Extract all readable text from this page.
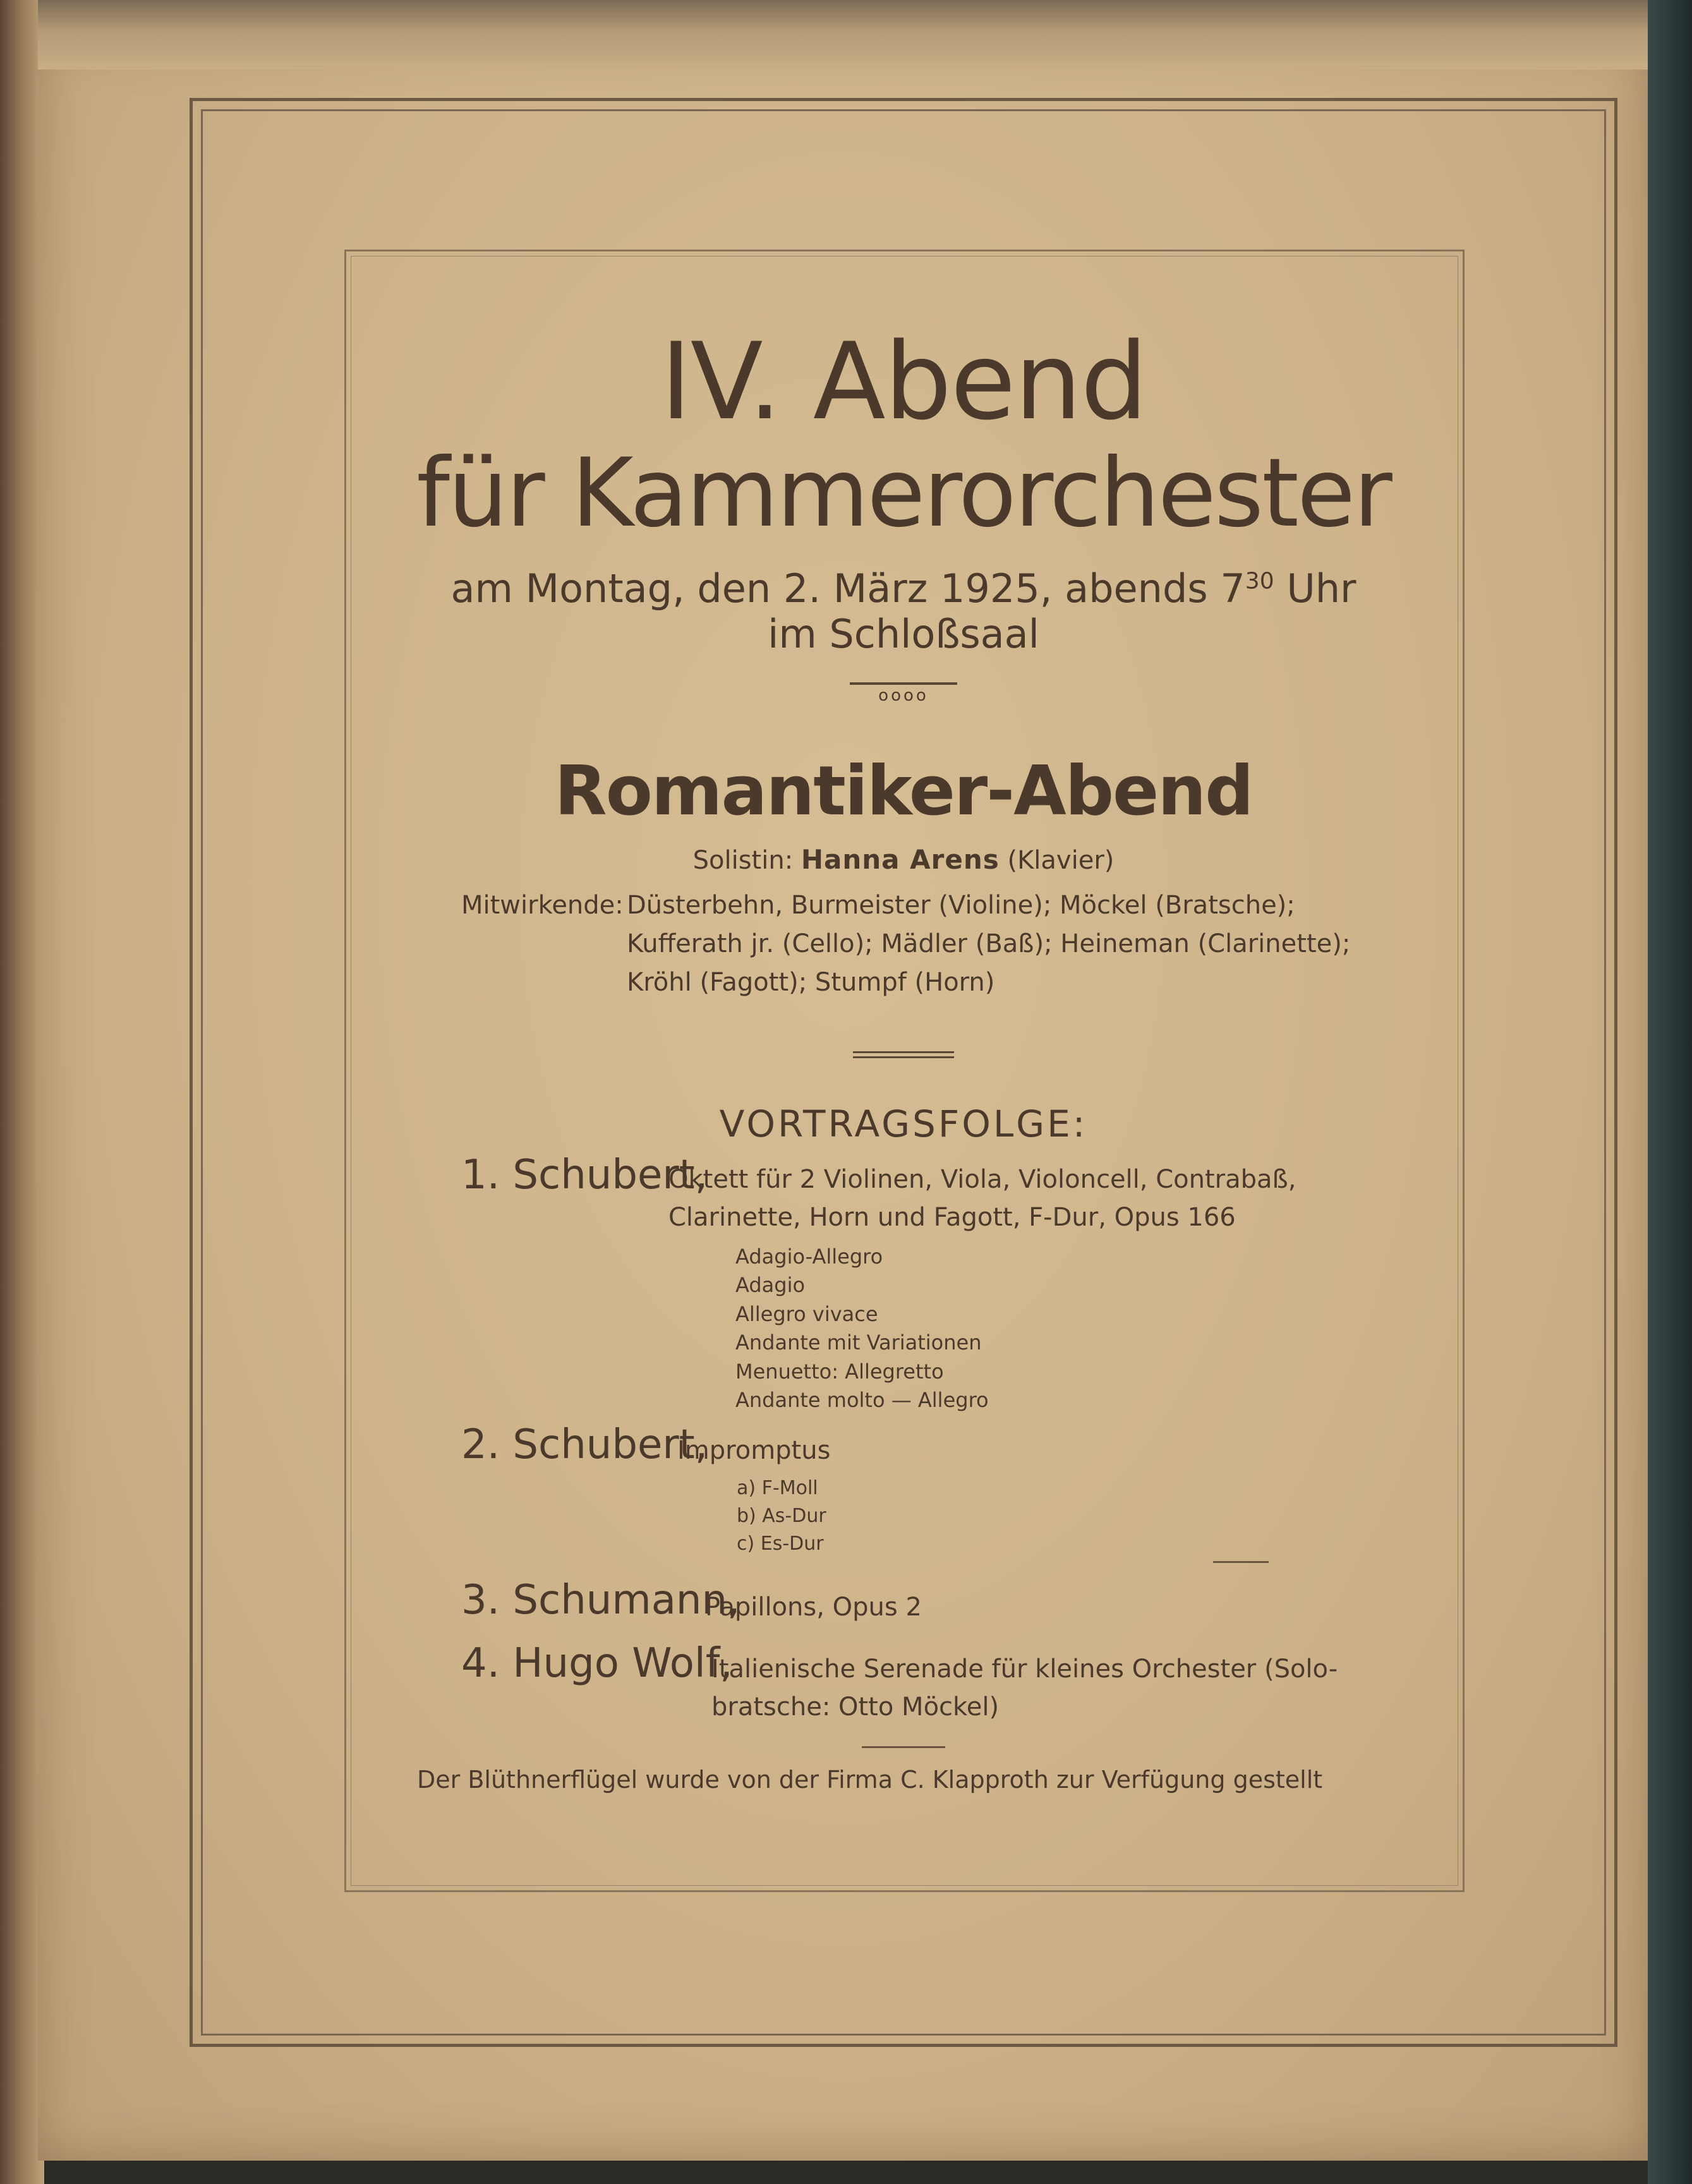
IV. Abend
für Kammerorchester

am Montag, den 2. März 1925, abends $7^{30}$ Uhr

im Schloßsaal

oooo
Romantiker-Abend

Solistin: Hanna Arens (Klavier)

Mitwirkende: Düsterbehn, Burmeister (Violine); Möckel (Bratsche);
Kufferath jr. (Cello); Mädler (Baß); Heineman (Clarinette);
Kröhl (Fagott); Stumpf (Horn)

VORTRAGSFOLGE:

1. Schubert,
Oktett für 2 Violinen, Viola, Violoncell, Contrabaß,
Clarinette, Horn und Fagott, F-Dur, Opus 166
Adagio-Allegro
Adagio
Allegro vivace
Andante mit Variationen
Menuetto: Allegretto
Andante molto — Allegro
2. Schubert,
Impromptus
a) F-Moll
b) As-Dur
c) Es-Dur
3. Schumann,
Papillons, Opus 2
4. Hugo Wolf,
Italienische Serenade für kleines Orchester (Solo-
bratsche: Otto Möckel)

Der Blüthnerflügel wurde von der Firma C. Klapproth zur Verfügung gestellt
